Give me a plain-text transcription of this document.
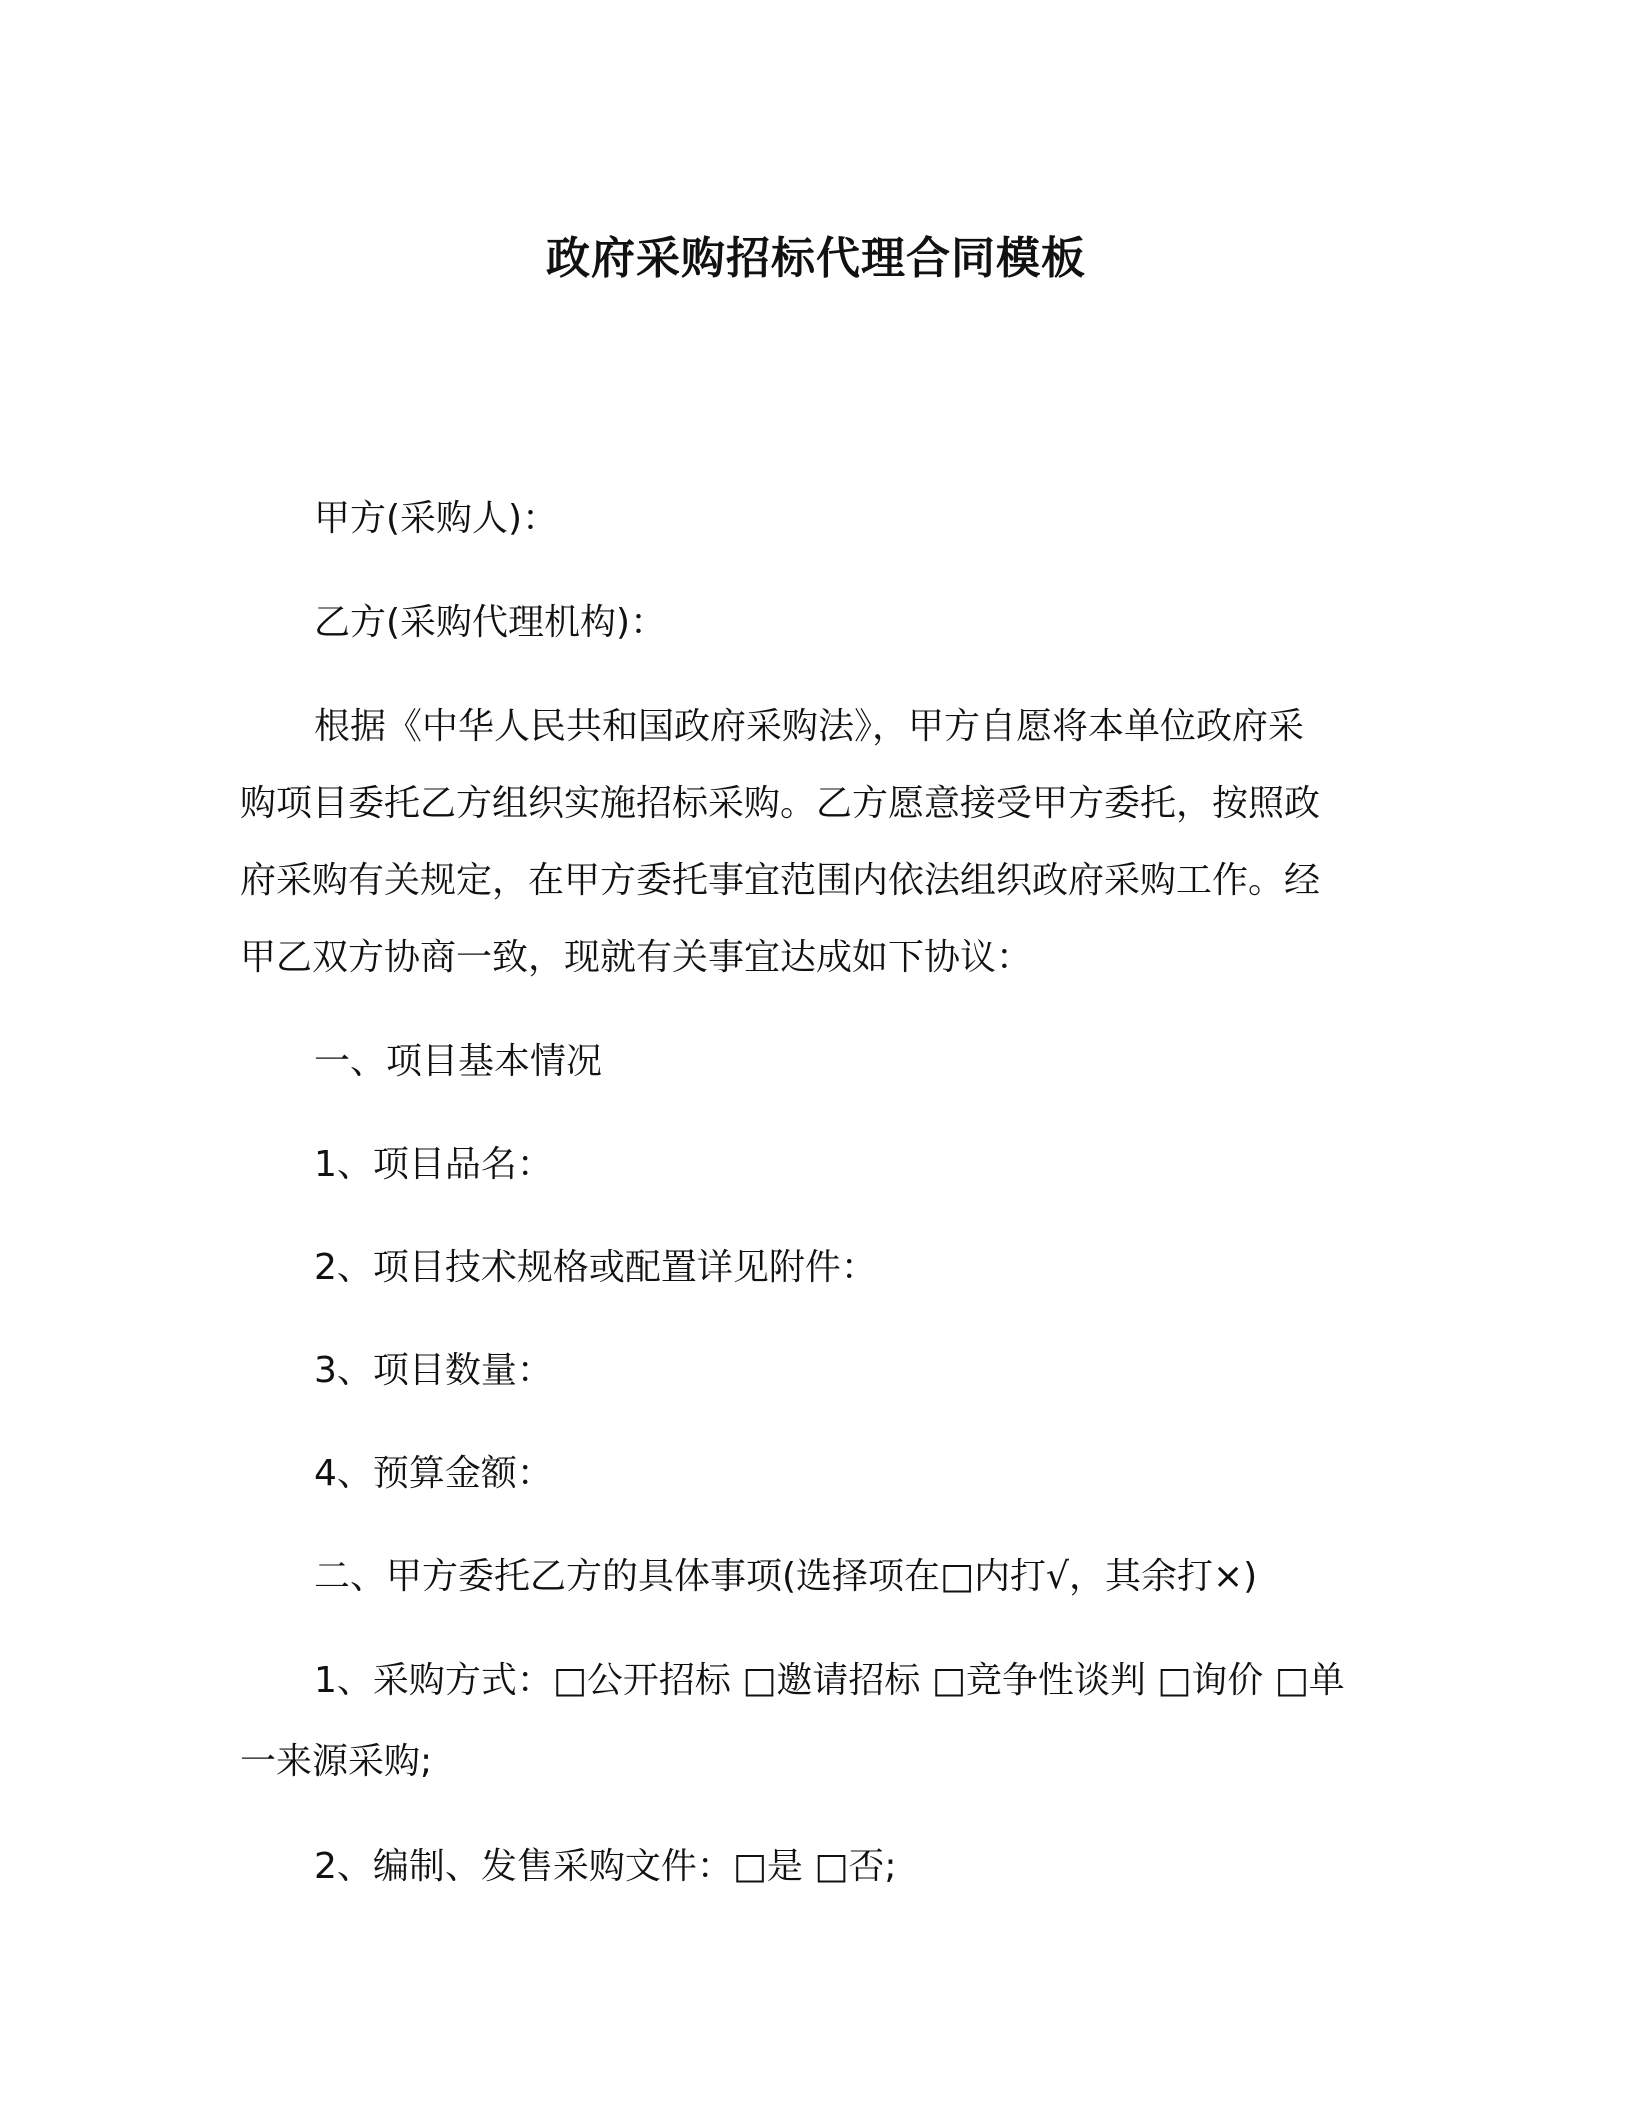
政府采购招标代理合同模板
甲方(采购人)：
乙方(采购代理机构)：
根据《中华人民共和国政府采购法》，甲方自愿将本单位政府采
购项目委托乙方组织实施招标采购。乙方愿意接受甲方委托，按照政
府采购有关规定，在甲方委托事宜范围内依法组织政府采购工作。经
甲乙双方协商一致，现就有关事宜达成如下协议：
一、项目基本情况
1、项目品名：
2、项目技术规格或配置详见附件：
3、项目数量：
4、预算金额：
二、甲方委托乙方的具体事项(选择项在□内打√，其余打×)
1、采购方式：□公开招标 □邀请招标 □竞争性谈判 □询价 □单
一来源采购;
2、编制、发售采购文件：□是 □否;
